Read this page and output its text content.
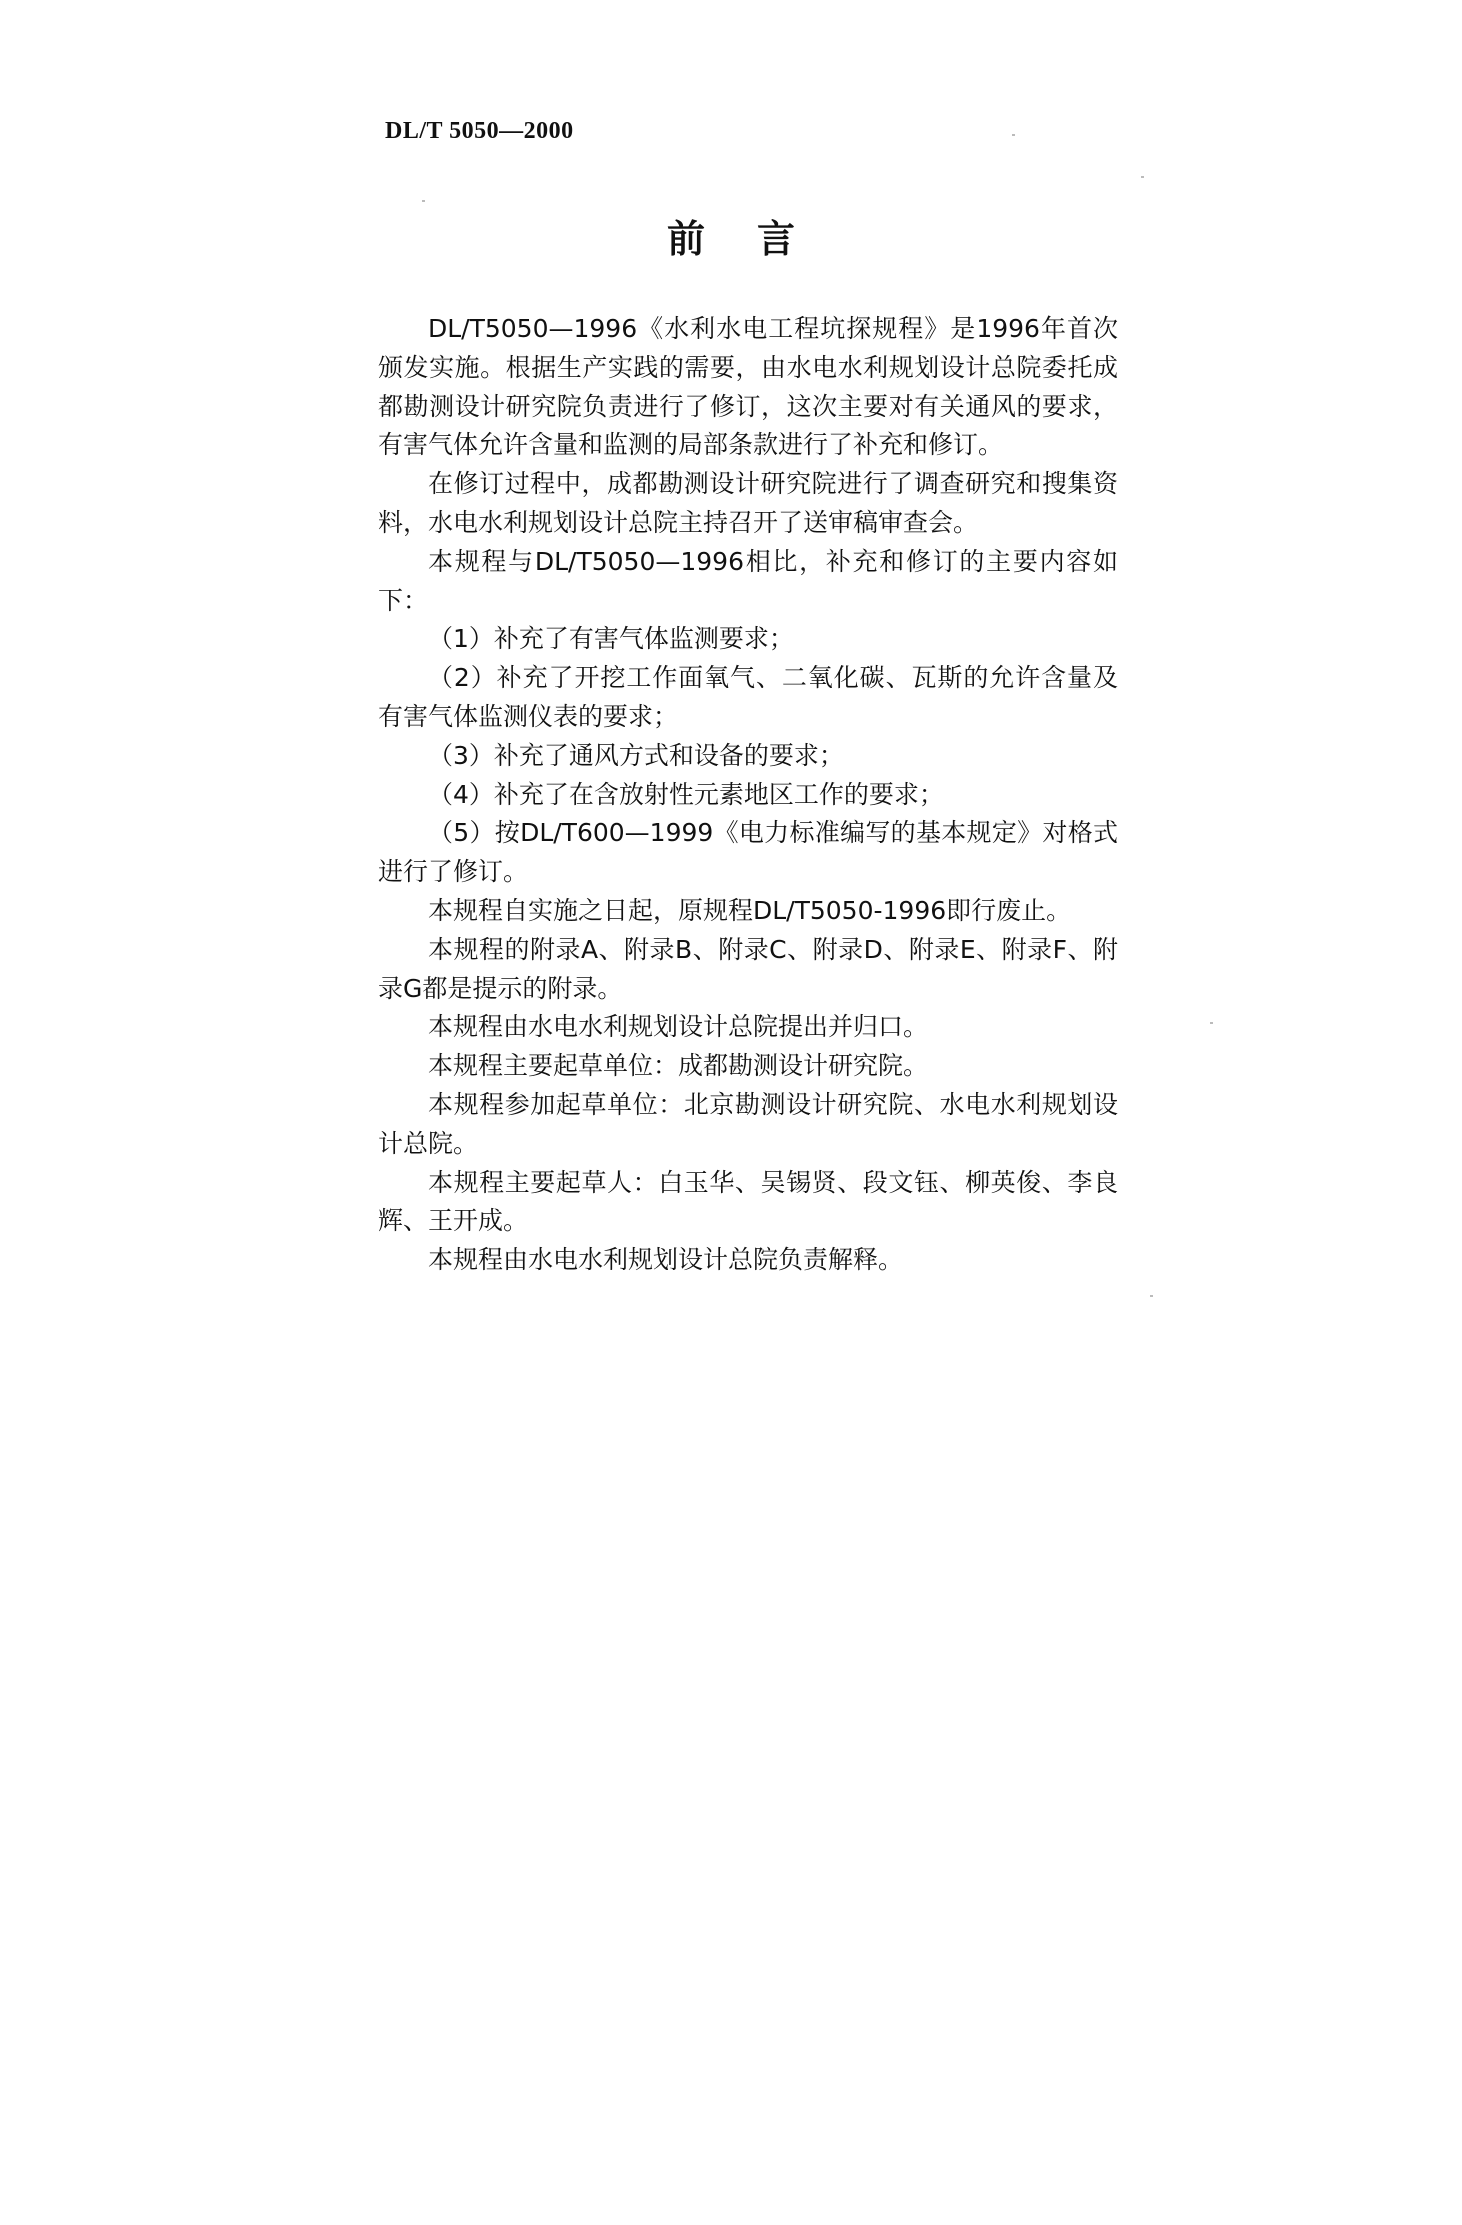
DL/T 5050—2000
前言

DL/T5050—1996《水利水电工程坑探规程》是1996年首次颁发实施。根据生产实践的需要，由水电水利规划设计总院委托成都勘测设计研究院负责进行了修订，这次主要对有关通风的要求，有害气体允许含量和监测的局部条款进行了补充和修订。

在修订过程中，成都勘测设计研究院进行了调查研究和搜集资料，水电水利规划设计总院主持召开了送审稿审查会。

本规程与DL/T5050—1996相比，补充和修订的主要内容如下：

（1）补充了有害气体监测要求；

（2）补充了开挖工作面氧气、二氧化碳、瓦斯的允许含量及有害气体监测仪表的要求；

（3）补充了通风方式和设备的要求；

（4）补充了在含放射性元素地区工作的要求；

（5）按DL/T600—1999《电力标准编写的基本规定》对格式进行了修订。

本规程自实施之日起，原规程DL/T5050-1996即行废止。

本规程的附录A、附录B、附录C、附录D、附录E、附录F、附录G都是提示的附录。

本规程由水电水利规划设计总院提出并归口。

本规程主要起草单位：成都勘测设计研究院。

本规程参加起草单位：北京勘测设计研究院、水电水利规划设计总院。

本规程主要起草人：白玉华、吴锡贤、段文钰、柳英俊、李良辉、王开成。

本规程由水电水利规划设计总院负责解释。
